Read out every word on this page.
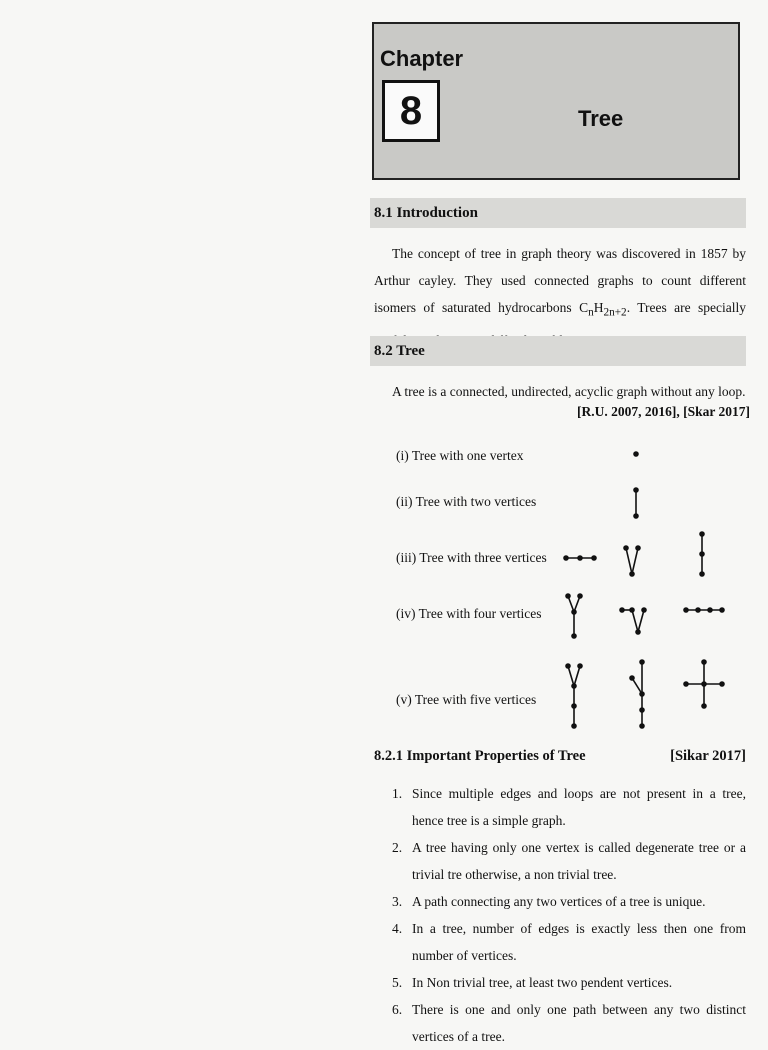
Chapter
8	Tree
8.1 Introduction
The concept of tree in graph theory was discovered in 1857 by Arthur cayley. They used connected graphs to count different isomers of saturated hydrocarbons $C_nH_{2n+2}$. Trees are specially
8.2 Tree
A tree is a connected, undirected, acyclic graph without any loop.
[R.U. 2007, 2016], [Skar 2017]
(i) Tree with one vertex
(ii) Tree with two vertices
(iii) Tree with three vertices
(iv) Tree with four vertices
(v) Tree with five vertices
8.2.1 Important Properties of Tree	[Sikar 2017]
1. Since multiple edges and loops are not present in a tree, hence tree is a simple graph.
2. A tree having only one vertex is called degenerate tree or a trivial tre otherwise, a non trivial tree.
3. A path connecting any two vertices of a tree is unique.
4. In a tree, number of edges is exactly less then one from number of vertices.
5. In Non trivial tree, at least two pendent vertices.
6. There is one and only one path between any two distinct vertices of a tree.
